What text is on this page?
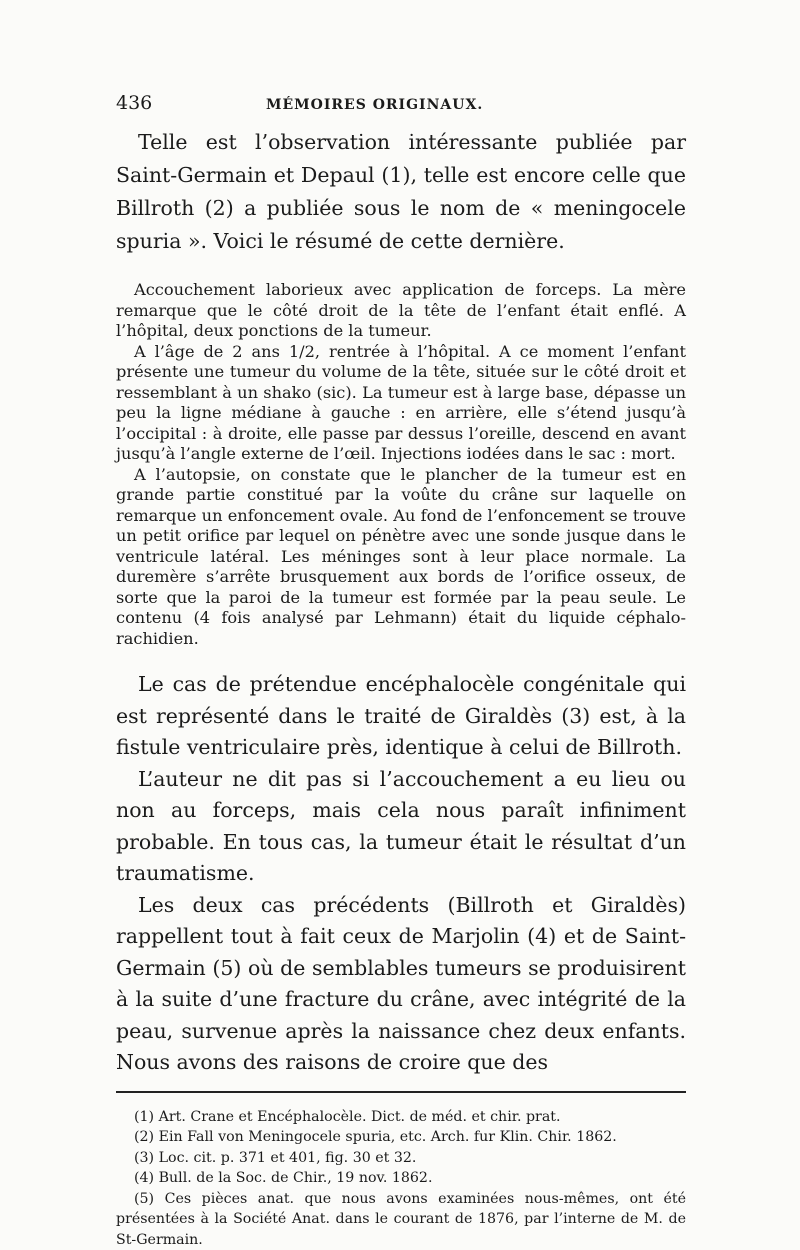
436	MÉMOIRES ORIGINAUX.

Telle est l’observation intéressante publiée par Saint-Germain et Depaul (1), telle est encore celle que Billroth (2) a publiée sous le nom de « meningocele spuria ». Voici le résumé de cette dernière.

Accouchement laborieux avec application de forceps. La mère remarque que le côté droit de la tête de l’enfant était enflé. A l’hôpital, deux ponctions de la tumeur.

A l’âge de 2 ans 1/2, rentrée à l’hôpital. A ce moment l’enfant présente une tumeur du volume de la tête, située sur le côté droit et ressemblant à un shako (sic). La tumeur est à large base, dépasse un peu la ligne médiane à gauche : en arrière, elle s’étend jusqu’à l’occipital : à droite, elle passe par dessus l’oreille, descend en avant jusqu’à l’angle externe de l’œil. Injections iodées dans le sac : mort.

A l’autopsie, on constate que le plancher de la tumeur est en grande partie constitué par la voûte du crâne sur laquelle on remarque un enfoncement ovale. Au fond de l’enfoncement se trouve un petit orifice par lequel on pénètre avec une sonde jusque dans le ventricule latéral. Les méninges sont à leur place normale. La duremère s’arrête brusquement aux bords de l’orifice osseux, de sorte que la paroi de la tumeur est formée par la peau seule. Le contenu (4 fois analysé par Lehmann) était du liquide céphalo-rachidien.

Le cas de prétendue encéphalocèle congénitale qui est représenté dans le traité de Giraldès (3) est, à la fistule ventriculaire près, identique à celui de Billroth.

L’auteur ne dit pas si l’accouchement a eu lieu ou non au forceps, mais cela nous paraît infiniment probable. En tous cas, la tumeur était le résultat d’un traumatisme.

Les deux cas précédents (Billroth et Giraldès) rappellent tout à fait ceux de Marjolin (4) et de Saint-Germain (5) où de semblables tumeurs se produisirent à la suite d’une fracture du crâne, avec intégrité de la peau, survenue après la naissance chez deux enfants. Nous avons des raisons de croire que des

(1) Art. Crane et Encéphalocèle. Dict. de méd. et chir. prat.

(2) Ein Fall von Meningocele spuria, etc. Arch. fur Klin. Chir. 1862.

(3) Loc. cit. p. 371 et 401, fig. 30 et 32.

(4) Bull. de la Soc. de Chir., 19 nov. 1862.

(5) Ces pièces anat. que nous avons examinées nous-mêmes, ont été présentées à la Société Anat. dans le courant de 1876, par l’interne de M. de St-Germain.
